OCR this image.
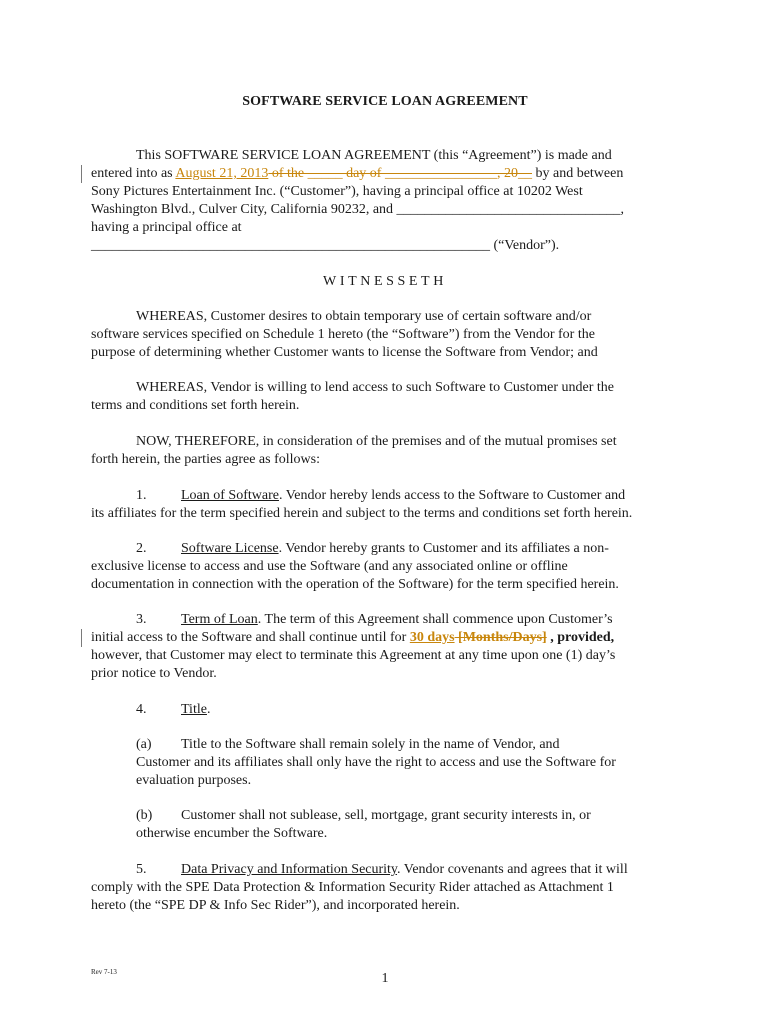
SOFTWARE SERVICE LOAN AGREEMENT
This SOFTWARE SERVICE LOAN AGREEMENT (this “Agreement”) is made and
entered into as August 21, 2013 of the _____ day of ________________, 20__ by and between
Sony Pictures Entertainment Inc. (“Customer”), having a principal office at 10202 West
Washington Blvd., Culver City, California 90232, and ________________________________,
having a principal office at
_________________________________________________________ (“Vendor”).
WITNESSETH
WHEREAS, Customer desires to obtain temporary use of certain software and/or
software services specified on Schedule 1 hereto (the “Software”) from the Vendor for the
purpose of determining whether Customer wants to license the Software from Vendor; and
WHEREAS, Vendor is willing to lend access to such Software to Customer under the
terms and conditions set forth herein.
NOW, THEREFORE, in consideration of the premises and of the mutual promises set
forth herein, the parties agree as follows:
1. Loan of Software. Vendor hereby lends access to the Software to Customer and
its affiliates for the term specified herein and subject to the terms and conditions set forth herein.
2. Software License. Vendor hereby grants to Customer and its affiliates a non-
exclusive license to access and use the Software (and any associated online or offline
documentation in connection with the operation of the Software) for the term specified herein.
3. Term of Loan. The term of this Agreement shall commence upon Customer’s
initial access to the Software and shall continue until for 30 days [Months/Days] , provided,
however, that Customer may elect to terminate this Agreement at any time upon one (1) day’s
prior notice to Vendor.
4. Title.
(a) Title to the Software shall remain solely in the name of Vendor, and
Customer and its affiliates shall only have the right to access and use the Software for
evaluation purposes.
(b) Customer shall not sublease, sell, mortgage, grant security interests in, or
otherwise encumber the Software.
5. Data Privacy and Information Security. Vendor covenants and agrees that it will
comply with the SPE Data Protection & Information Security Rider attached as Attachment 1
hereto (the “SPE DP & Info Sec Rider”), and incorporated herein.
Rev 7-13	1
